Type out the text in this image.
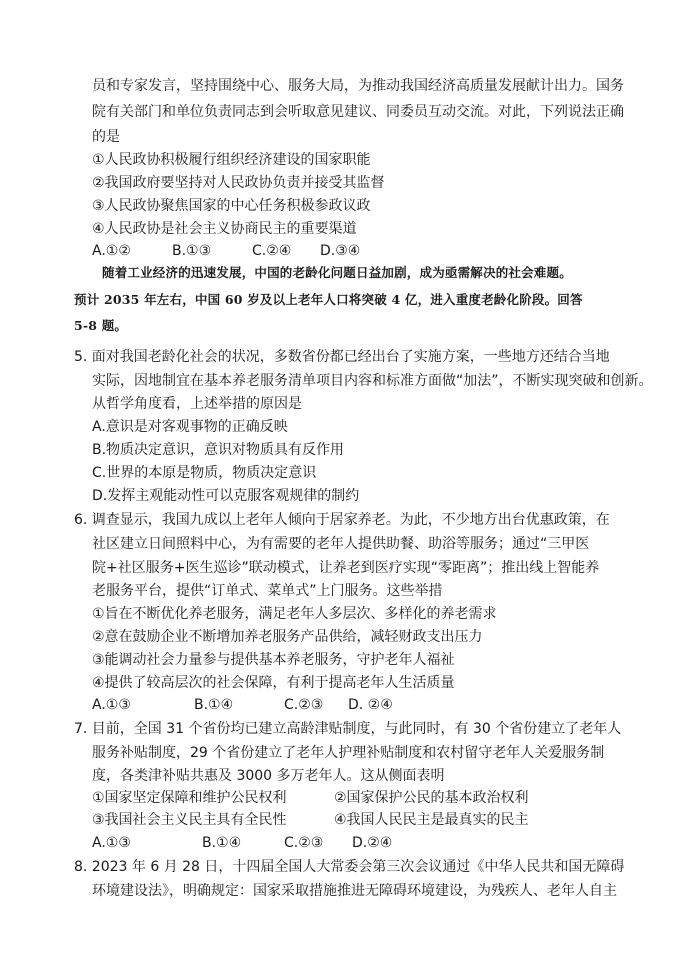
员和专家发言，坚持围绕中心、服务大局，为推动我国经济高质量发展献计出力。国务
院有关部门和单位负责同志到会听取意见建议、同委员互动交流。对此，下列说法正确
的是
①人民政协积极履行组织经济建设的国家职能
②我国政府要坚持对人民政协负责并接受其监督
③人民政协聚焦国家的中心任务积极参政议政
④人民政协是社会主义协商民主的重要渠道
A.①②	B.①③	C.②④ D.③④
随着工业经济的迅速发展，中国的老龄化问题日益加剧，成为亟需解决的社会难题。
预计 2035 年左右，中国 60 岁及以上老年人口将突破 4 亿，进入重度老龄化阶段。回答
5-8 题。
5. 面对我国老龄化社会的状况，多数省份都已经出台了实施方案，一些地方还结合当地
实际，因地制宜在基本养老服务清单项目内容和标准方面做“加法”，不断实现突破和创新。
从哲学角度看，上述举措的原因是
A.意识是对客观事物的正确反映
B.物质决定意识，意识对物质具有反作用
C.世界的本原是物质，物质决定意识
D.发挥主观能动性可以克服客观规律的制约
6. 调查显示，我国九成以上老年人倾向于居家养老。为此，不少地方出台优惠政策，在
社区建立日间照料中心，为有需要的老年人提供助餐、助浴等服务；通过“三甲医
院+社区服务+医生巡诊”联动模式，让养老到医疗实现“零距离”；推出线上智能养
老服务平台，提供“订单式、菜单式”上门服务。这些举措
①旨在不断优化养老服务，满足老年人多层次、多样化的养老需求
②意在鼓励企业不断增加养老服务产品供给，减轻财政支出压力
③能调动社会力量参与提供基本养老服务，守护老年人福祉
④提供了较高层次的社会保障，有利于提高老年人生活质量
A.①③	B.①④	C.②③ D. ②④
7. 目前，全国 31 个省份均已建立高龄津贴制度，与此同时，有 30 个省份建立了老年人
服务补贴制度，29 个省份建立了老年人护理补贴制度和农村留守老年人关爱服务制
度，各类津补贴共惠及 3000 多万老年人。这从侧面表明
①国家坚定保障和维护公民权利	②国家保护公民的基本政治权利
③我国社会主义民主具有全民性	④我国人民民主是最真实的民主
A.①③	B.①④	C.②③ D.②④
8. 2023 年 6 月 28 日，十四届全国人大常委会第三次会议通过《中华人民共和国无障碍
环境建设法》，明确规定：国家采取措施推进无障碍环境建设，为残疾人、老年人自主
